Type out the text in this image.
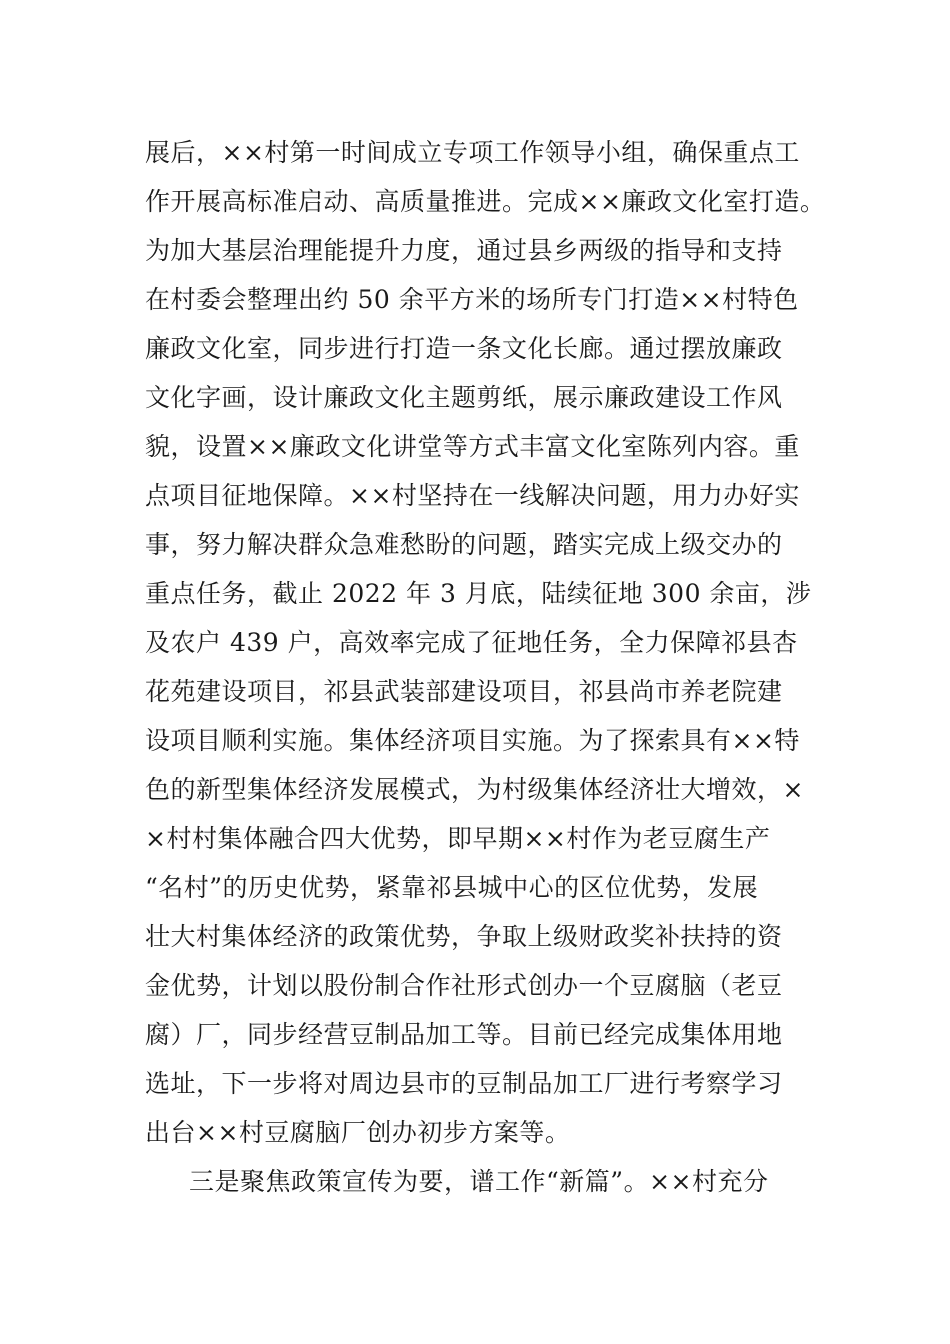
展后，××村第一时间成立专项工作领导小组，确保重点工
作开展高标准启动、高质量推进。完成××廉政文化室打造。
为加大基层治理能提升力度，通过县乡两级的指导和支持
在村委会整理出约 50 余平方米的场所专门打造××村特色
廉政文化室，同步进行打造一条文化长廊。通过摆放廉政
文化字画，设计廉政文化主题剪纸，展示廉政建设工作风
貌，设置××廉政文化讲堂等方式丰富文化室陈列内容。重
点项目征地保障。××村坚持在一线解决问题，用力办好实
事，努力解决群众急难愁盼的问题，踏实完成上级交办的
重点任务，截止 2022 年 3 月底，陆续征地 300 余亩，涉
及农户 439 户，高效率完成了征地任务，全力保障祁县杏
花苑建设项目，祁县武装部建设项目，祁县尚市养老院建
设项目顺利实施。集体经济项目实施。为了探索具有××特
色的新型集体经济发展模式，为村级集体经济壮大增效，×
×村村集体融合四大优势，即早期××村作为老豆腐生产
“名村”的历史优势，紧靠祁县城中心的区位优势，发展
壮大村集体经济的政策优势，争取上级财政奖补扶持的资
金优势，计划以股份制合作社形式创办一个豆腐脑（老豆
腐）厂，同步经营豆制品加工等。目前已经完成集体用地
选址，下一步将对周边县市的豆制品加工厂进行考察学习
出台××村豆腐脑厂创办初步方案等。
三是聚焦政策宣传为要，谱工作“新篇”。××村充分
